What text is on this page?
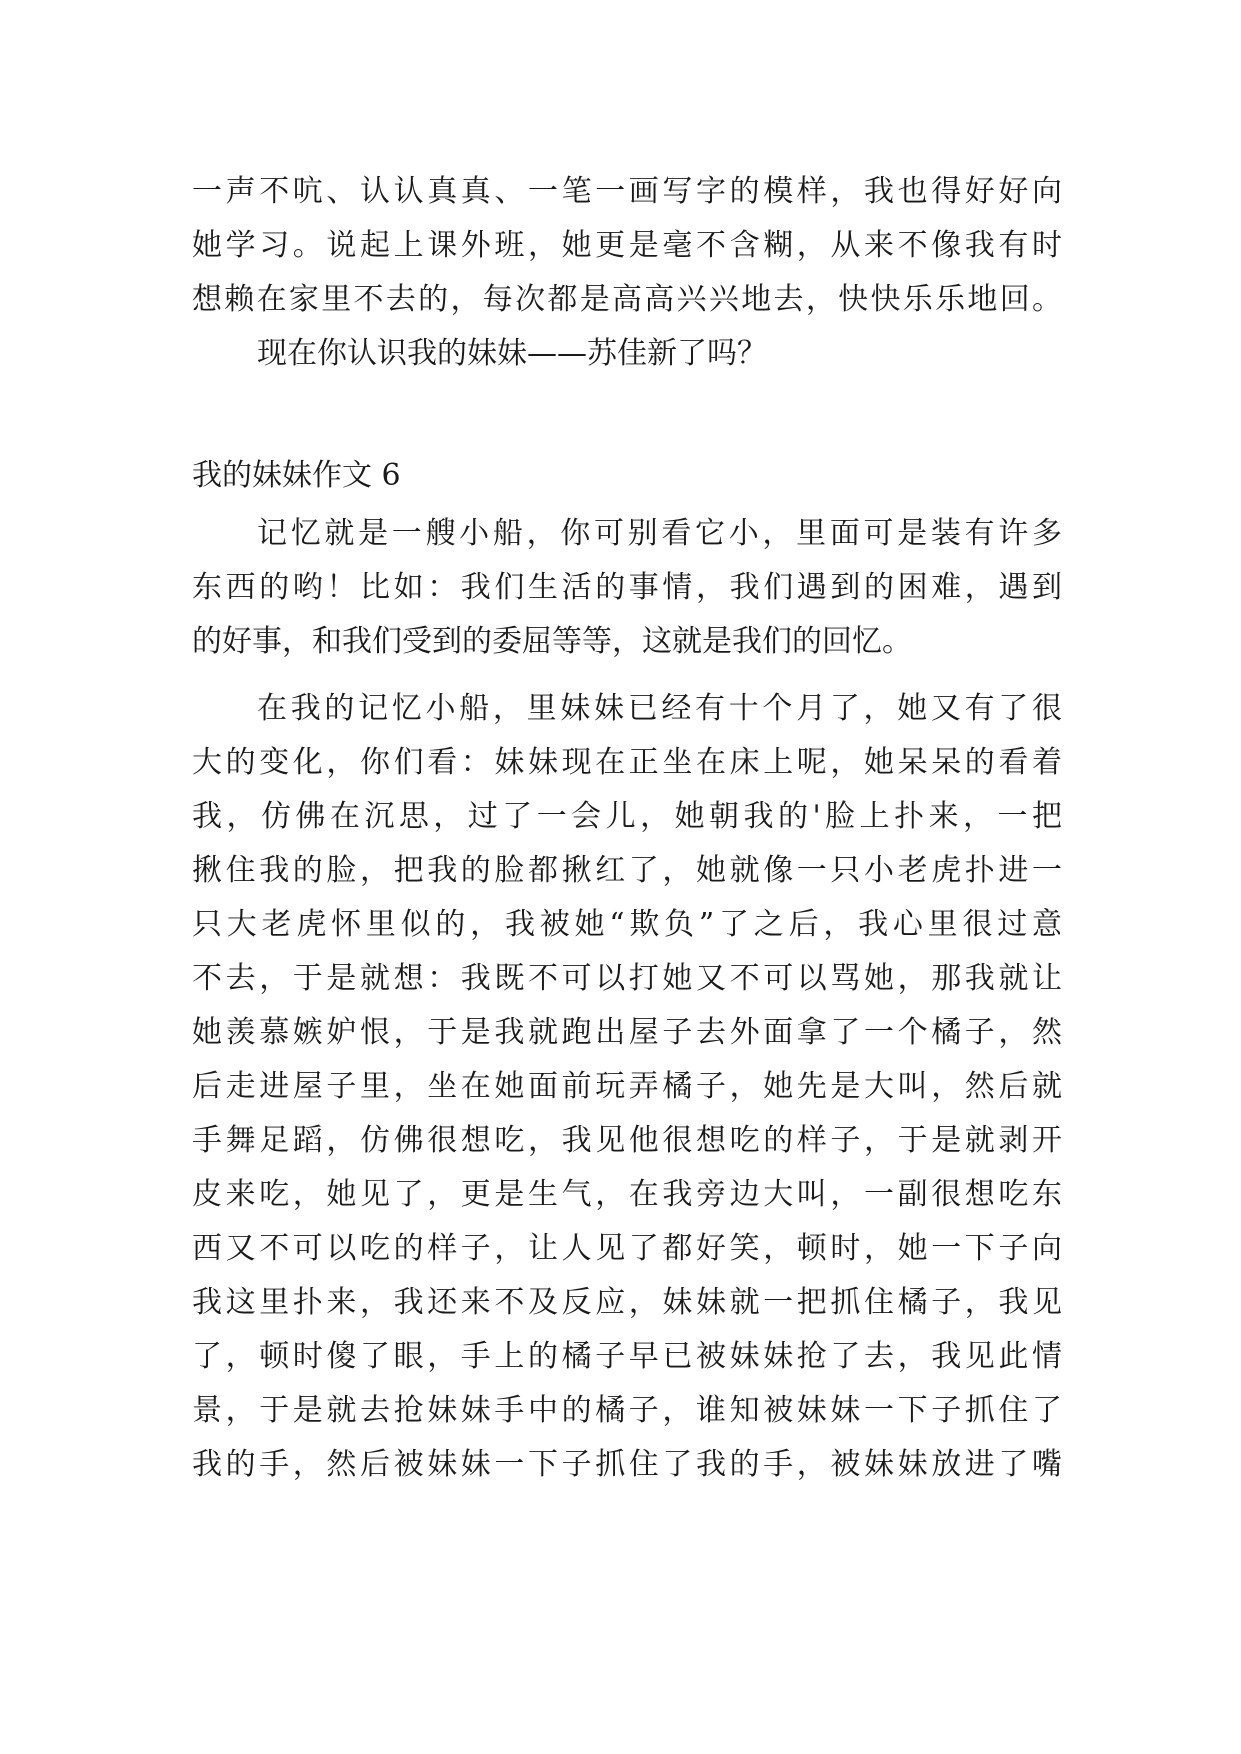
一声不吭、认认真真、一笔一画写字的模样，我也得好好向
她学习。说起上课外班，她更是毫不含糊，从来不像我有时
想赖在家里不去的，每次都是高高兴兴地去，快快乐乐地回。
现在你认识我的妹妹——苏佳新了吗？
我的妹妹作文 6
记忆就是一艘小船，你可别看它小，里面可是装有许多
东西的哟！比如：我们生活的事情，我们遇到的困难，遇到
的好事，和我们受到的委屈等等，这就是我们的回忆。
在我的记忆小船，里妹妹已经有十个月了，她又有了很
大的变化，你们看：妹妹现在正坐在床上呢，她呆呆的看着
我，仿佛在沉思，过了一会儿，她朝我的'脸上扑来，一把
揪住我的脸，把我的脸都揪红了，她就像一只小老虎扑进一
只大老虎怀里似的，我被她“欺负”了之后，我心里很过意
不去，于是就想：我既不可以打她又不可以骂她，那我就让
她羡慕嫉妒恨，于是我就跑出屋子去外面拿了一个橘子，然
后走进屋子里，坐在她面前玩弄橘子，她先是大叫，然后就
手舞足蹈，仿佛很想吃，我见他很想吃的样子，于是就剥开
皮来吃，她见了，更是生气，在我旁边大叫，一副很想吃东
西又不可以吃的样子，让人见了都好笑，顿时，她一下子向
我这里扑来，我还来不及反应，妹妹就一把抓住橘子，我见
了，顿时傻了眼，手上的橘子早已被妹妹抢了去，我见此情
景，于是就去抢妹妹手中的橘子，谁知被妹妹一下子抓住了
我的手，然后被妹妹一下子抓住了我的手，被妹妹放进了嘴
